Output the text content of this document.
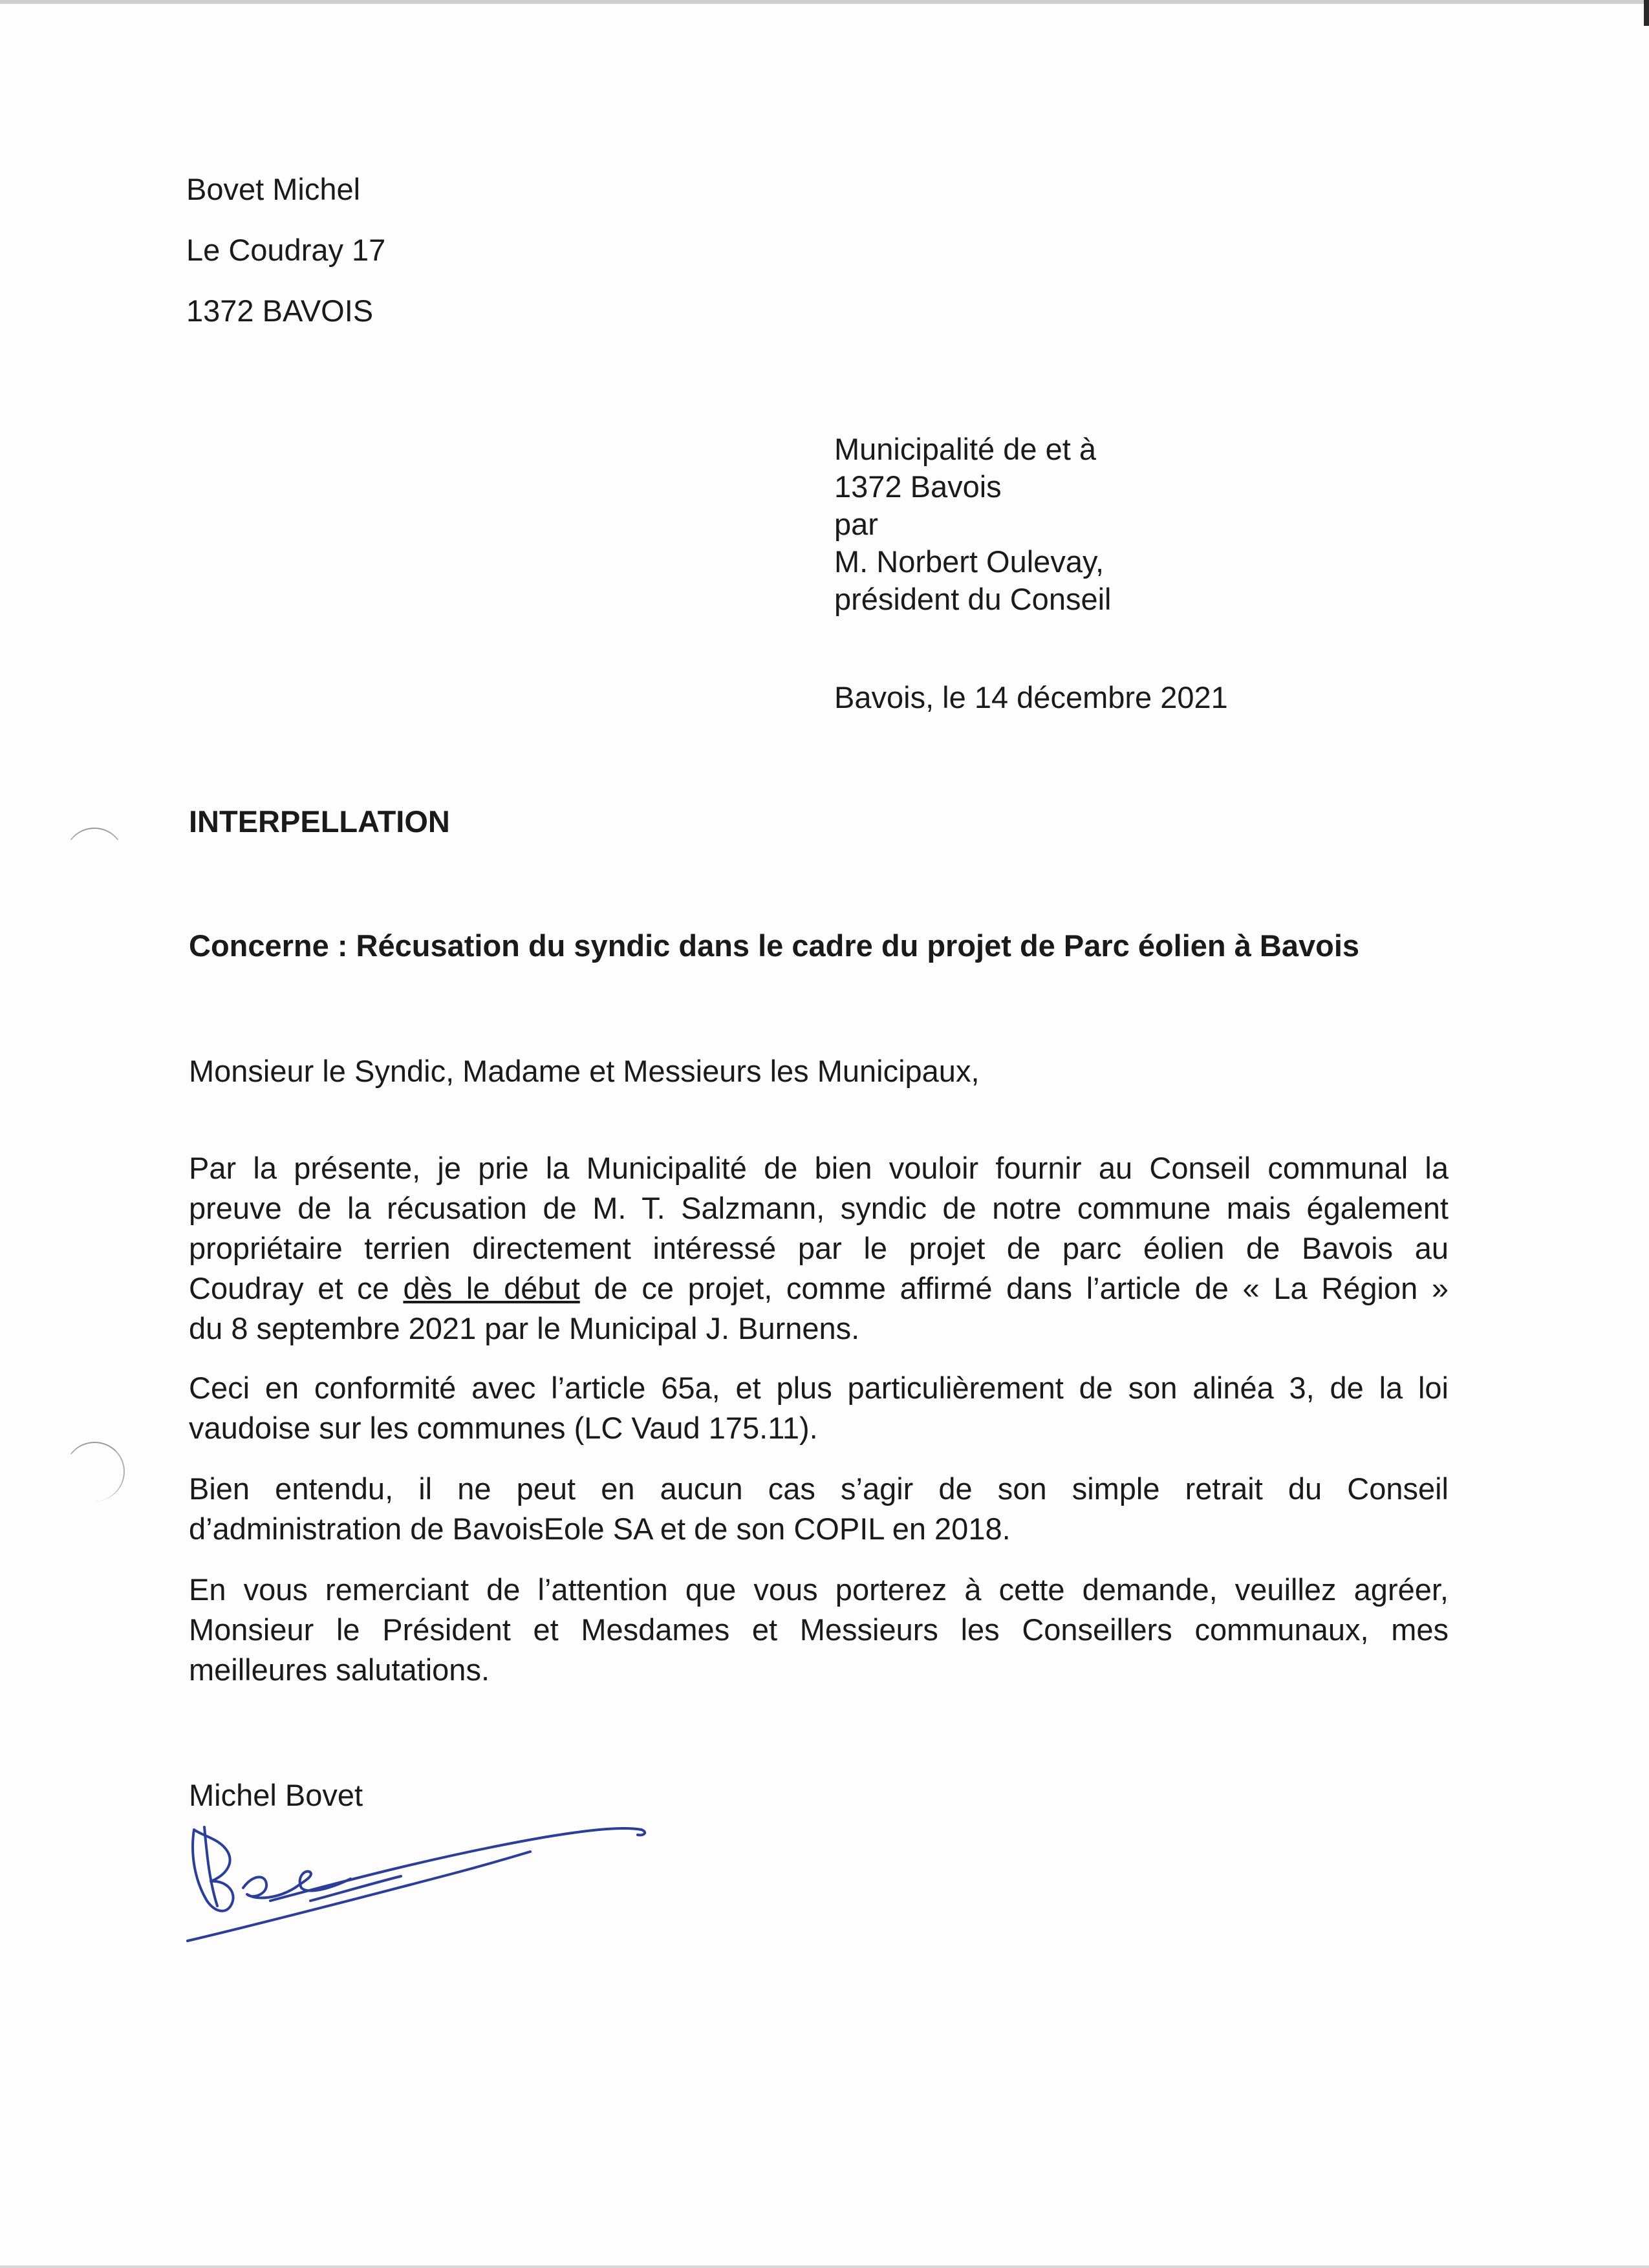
Bovet Michel
Le Coudray 17
1372 BAVOIS
Municipalité de et à
1372 Bavois
par
M. Norbert Oulevay,
président du Conseil
Bavois, le 14 décembre 2021
INTERPELLATION
Concerne : Récusation du syndic dans le cadre du projet de Parc éolien à Bavois
Monsieur le Syndic, Madame et Messieurs les Municipaux,
Par la présente, je prie la Municipalité de bien vouloir fournir au Conseil communal la
preuve de la récusation de M. T. Salzmann, syndic de notre commune mais également
propriétaire terrien directement intéressé par le projet de parc éolien de Bavois au
Coudray et ce dès le début de ce projet, comme affirmé dans l’article de « La Région »
du 8 septembre 2021 par le Municipal J. Burnens.
Ceci en conformité avec l’article 65a, et plus particulièrement de son alinéa 3, de la loi
vaudoise sur les communes (LC Vaud 175.11).
Bien entendu, il ne peut en aucun cas s’agir de son simple retrait du Conseil
d’administration de BavoisEole SA et de son COPIL en 2018.
En vous remerciant de l’attention que vous porterez à cette demande, veuillez agréer,
Monsieur le Président et Mesdames et Messieurs les Conseillers communaux, mes
meilleures salutations.
Michel Bovet
